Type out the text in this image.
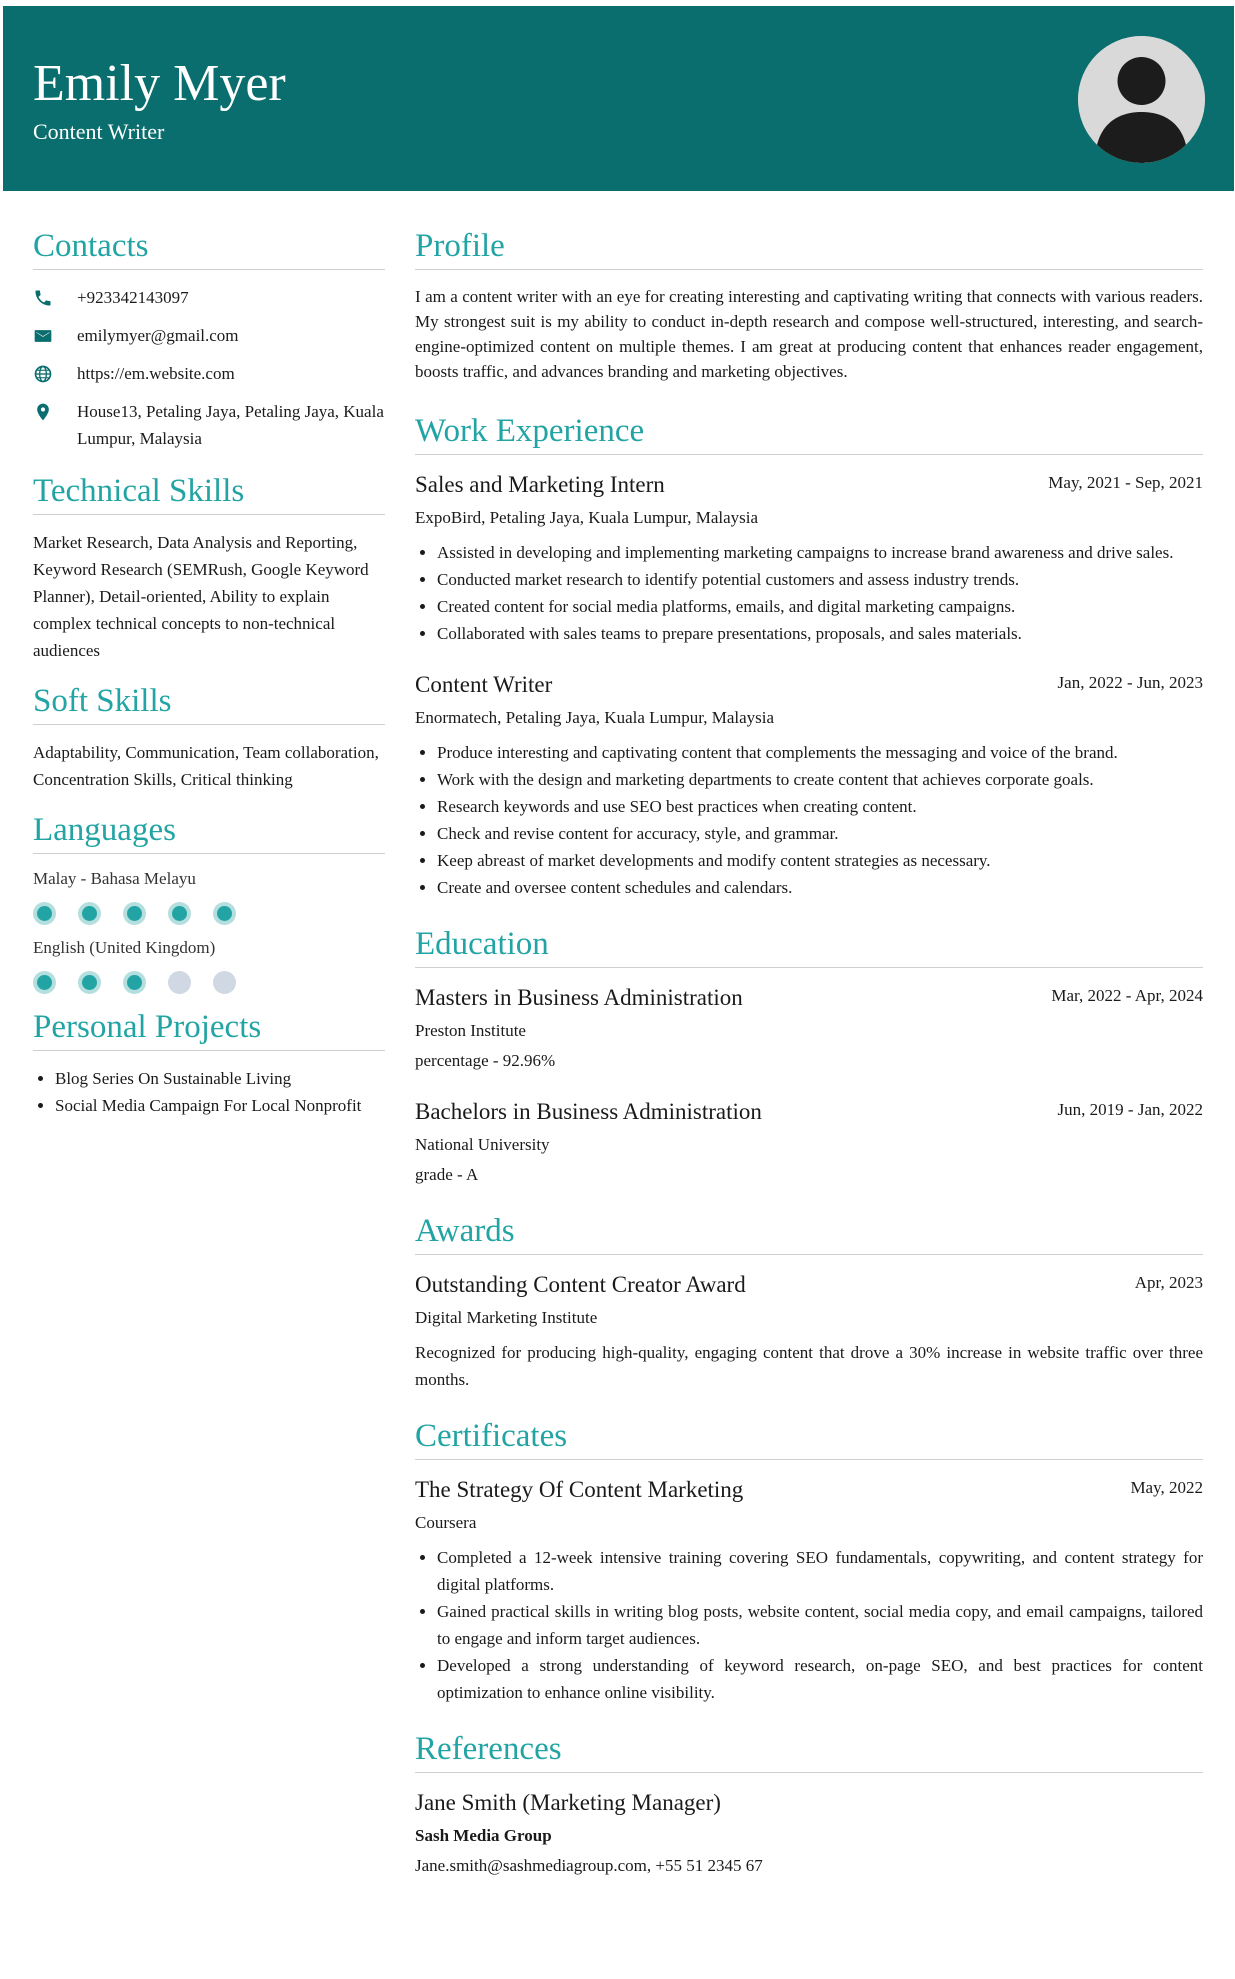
Emily Myer
Content Writer
Contacts
+923342143097
emilymyer@gmail.com
https://em.website.com
House13, Petaling Jaya, Petaling Jaya, Kuala Lumpur, Malaysia
Technical Skills
Market Research, Data Analysis and Reporting, Keyword Research (SEMRush, Google Keyword Planner), Detail-oriented, Ability to explain complex technical concepts to non-technical audiences
Soft Skills
Adaptability, Communication, Team collaboration, Concentration Skills, Critical thinking
Languages
Malay - Bahasa Melayu
English (United Kingdom)
Personal Projects
• Blog Series On Sustainable Living
• Social Media Campaign For Local Nonprofit
Profile
I am a content writer with an eye for creating interesting and captivating writing that connects with various readers. My strongest suit is my ability to conduct in-depth research and compose well-structured, interesting, and search-engine-optimized content on multiple themes. I am great at producing content that enhances reader engagement, boosts traffic, and advances branding and marketing objectives.
Work Experience
Sales and Marketing Intern	May, 2021 - Sep, 2021
ExpoBird, Petaling Jaya, Kuala Lumpur, Malaysia
• Assisted in developing and implementing marketing campaigns to increase brand awareness and drive sales.
• Conducted market research to identify potential customers and assess industry trends.
• Created content for social media platforms, emails, and digital marketing campaigns.
• Collaborated with sales teams to prepare presentations, proposals, and sales materials.
Content Writer	Jan, 2022 - Jun, 2023
Enormatech, Petaling Jaya, Kuala Lumpur, Malaysia
• Produce interesting and captivating content that complements the messaging and voice of the brand.
• Work with the design and marketing departments to create content that achieves corporate goals.
• Research keywords and use SEO best practices when creating content.
• Check and revise content for accuracy, style, and grammar.
• Keep abreast of market developments and modify content strategies as necessary.
• Create and oversee content schedules and calendars.
Education
Masters in Business Administration	Mar, 2022 - Apr, 2024
Preston Institute
percentage - 92.96%
Bachelors in Business Administration	Jun, 2019 - Jan, 2022
National University
grade - A
Awards
Outstanding Content Creator Award	Apr, 2023
Digital Marketing Institute
Recognized for producing high-quality, engaging content that drove a 30% increase in website traffic over three months.
Certificates
The Strategy Of Content Marketing	May, 2022
Coursera
• Completed a 12-week intensive training covering SEO fundamentals, copywriting, and content strategy for digital platforms.
• Gained practical skills in writing blog posts, website content, social media copy, and email campaigns, tailored to engage and inform target audiences.
• Developed a strong understanding of keyword research, on-page SEO, and best practices for content optimization to enhance online visibility.
References
Jane Smith (Marketing Manager)
Sash Media Group
Jane.smith@sashmediagroup.com, +55 51 2345 67
